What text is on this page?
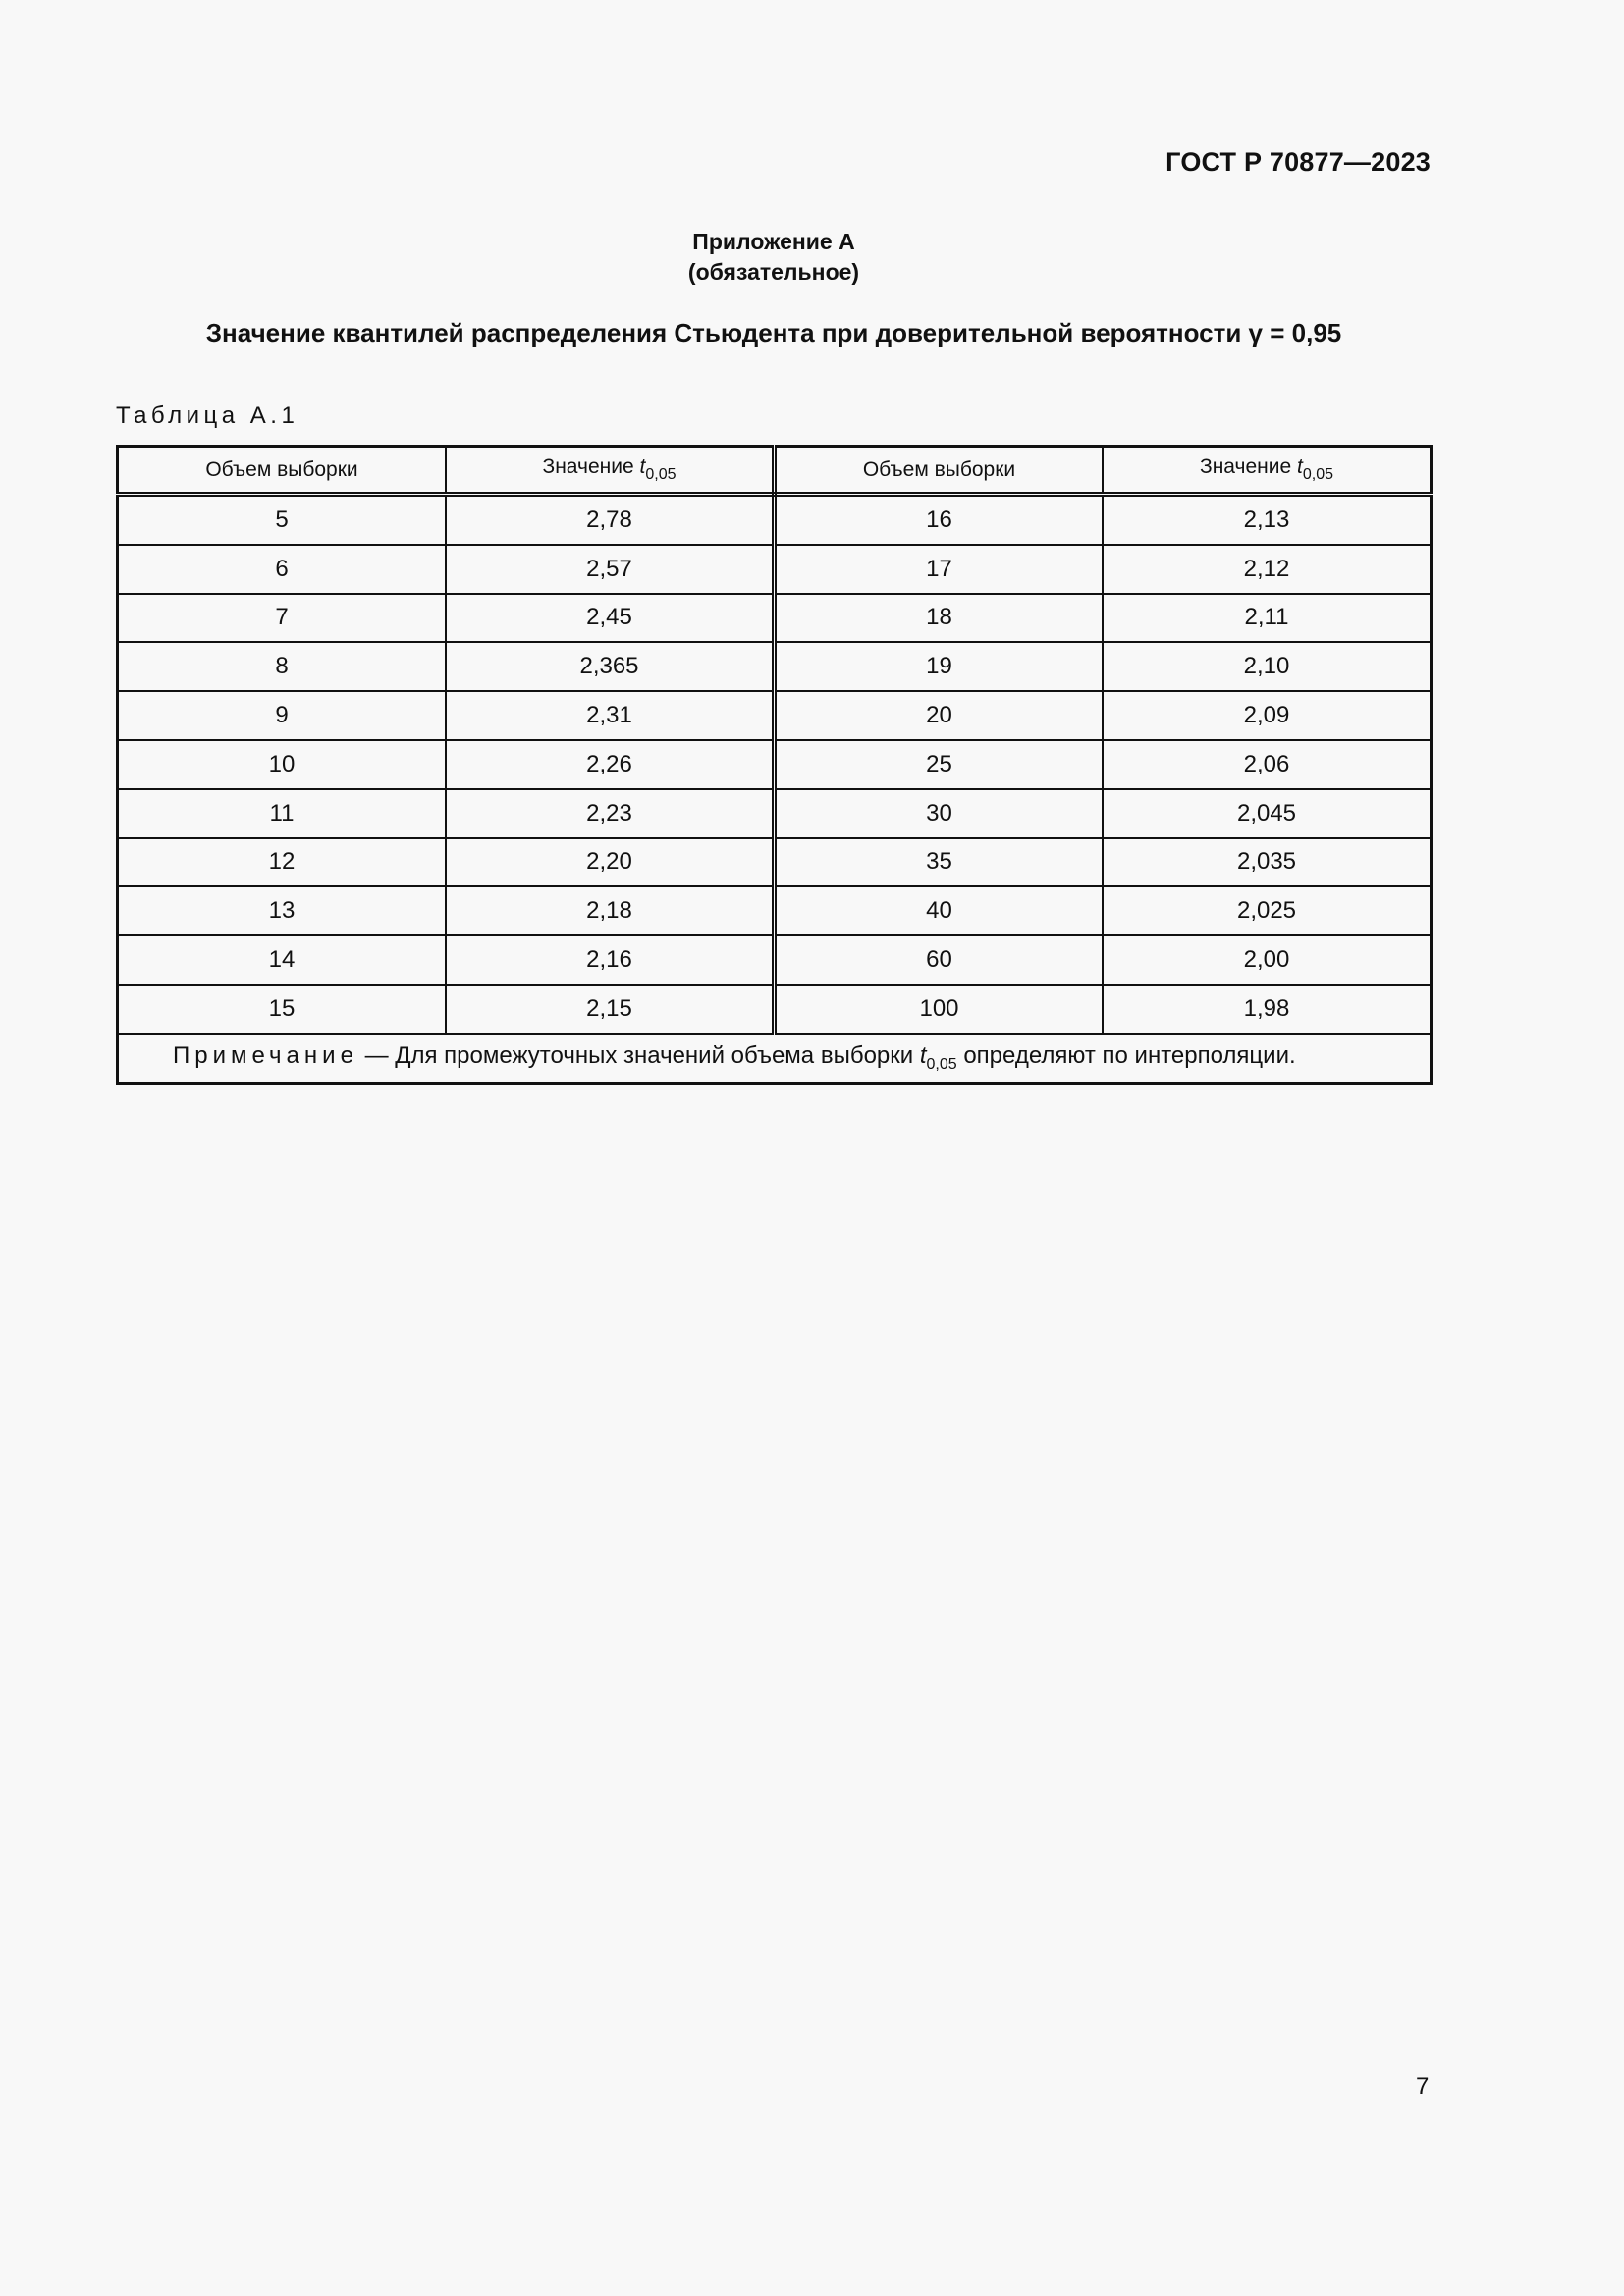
ГОСТ Р 70877—2023
Приложение А
(обязательное)
Значение квантилей распределения Стьюдента при доверительной вероятности γ = 0,95
Таблица А.1
Объем выборки	Значение $t_{0,05}$	Объем выборки	Значение $t_{0,05}$
5	2,78	16	2,13
6	2,57	17	2,12
7	2,45	18	2,11
8	2,365	19	2,10
9	2,31	20	2,09
10	2,26	25	2,06
11	2,23	30	2,045
12	2,20	35	2,035
13	2,18	40	2,025
14	2,16	60	2,00
15	2,15	100	1,98
Примечание — Для промежуточных значений объема выборки $t_{0,05}$ определяют по интерполяции.			
7
